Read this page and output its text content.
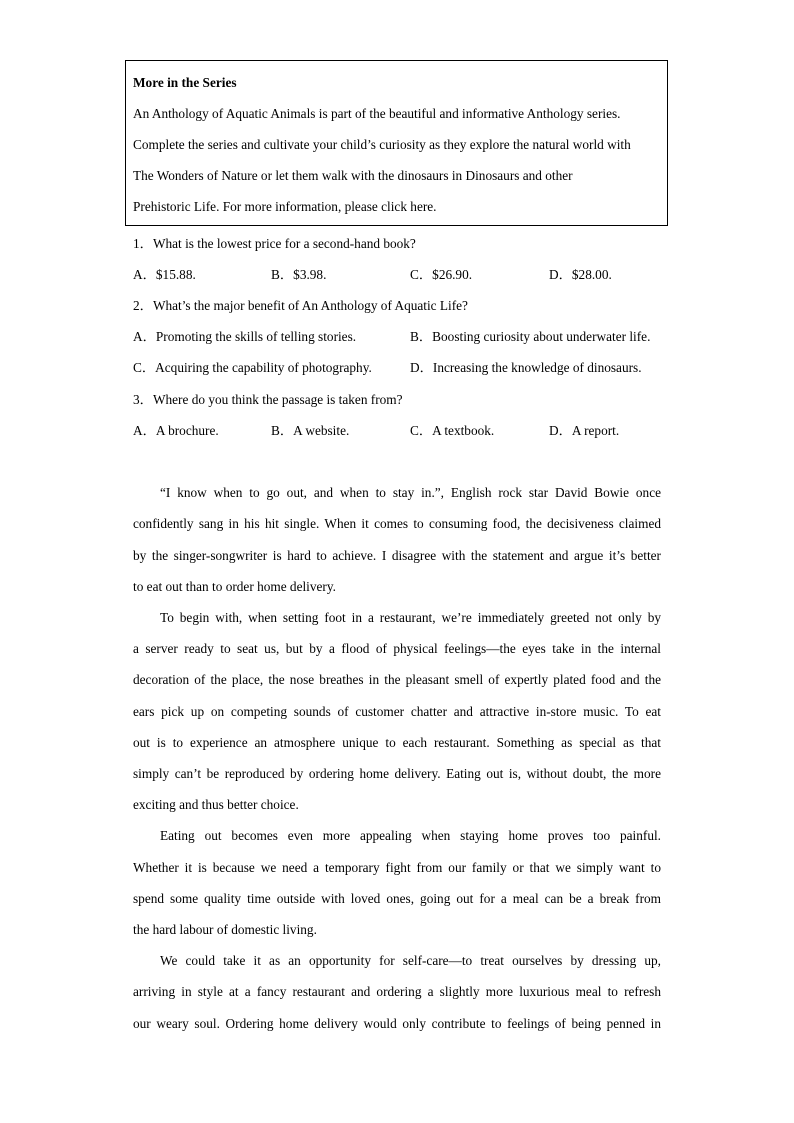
More in the Series
An Anthology of Aquatic Animals is part of the beautiful and informative Anthology series.
Complete the series and cultivate your child’s curiosity as they explore the natural world with
The Wonders of Nature or let them walk with the dinosaurs in Dinosaurs and other
Prehistoric Life. For more information, please click here.
1．What is the lowest price for a second-hand book?
A．$15.88.	B．$3.98.	C．$26.90.	D．$28.00.
2．What’s the major benefit of An Anthology of Aquatic Life?
A．Promoting the skills of telling stories.	B．Boosting curiosity about underwater life.
C．Acquiring the capability of photography.	D．Increasing the knowledge of dinosaurs.
3．Where do you think the passage is taken from?
A．A brochure.	B．A website.	C．A textbook.	D．A report.
“I know when to go out, and when to stay in.”, English rock star David Bowie once
confidently sang in his hit single. When it comes to consuming food, the decisiveness claimed
by the singer-songwriter is hard to achieve. I disagree with the statement and argue it’s better
to eat out than to order home delivery.
To begin with, when setting foot in a restaurant, we’re immediately greeted not only by
a server ready to seat us, but by a flood of physical feelings—the eyes take in the internal
decoration of the place, the nose breathes in the pleasant smell of expertly plated food and the
ears pick up on competing sounds of customer chatter and attractive in-store music. To eat
out is to experience an atmosphere unique to each restaurant. Something as special as that
simply can’t be reproduced by ordering home delivery. Eating out is, without doubt, the more
exciting and thus better choice.
Eating out becomes even more appealing when staying home proves too painful.
Whether it is because we need a temporary fight from our family or that we simply want to
spend some quality time outside with loved ones, going out for a meal can be a break from
the hard labour of domestic living.
We could take it as an opportunity for self-care—to treat ourselves by dressing up,
arriving in style at a fancy restaurant and ordering a slightly more luxurious meal to refresh
our weary soul. Ordering home delivery would only contribute to feelings of being penned in
